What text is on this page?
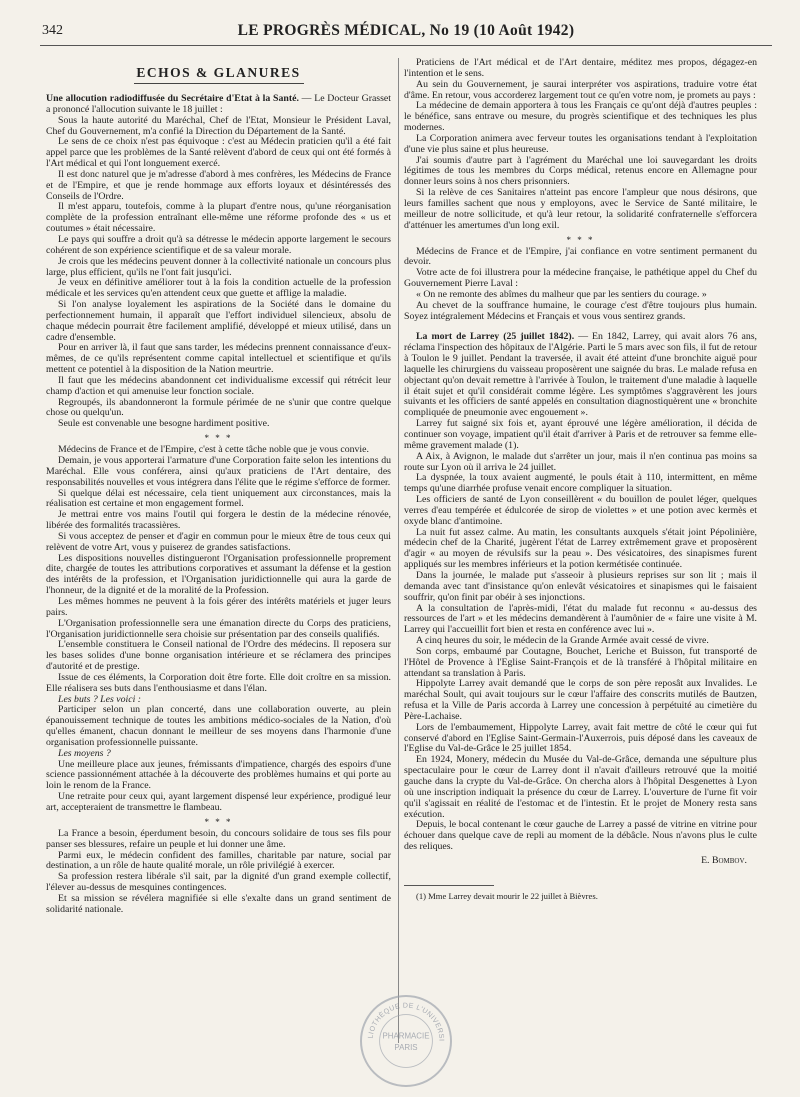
342	LE PROGRÈS MÉDICAL, No 19 (10 Août 1942)
ECHOS & GLANURES

Une allocution radiodiffusée du Secrétaire d'Etat à la Santé. — Le Docteur Grasset a prononcé l'allocution suivante le 18 juillet :

Sous la haute autorité du Maréchal, Chef de l'Etat, Monsieur le Président Laval, Chef du Gouvernement, m'a confié la Direction du Département de la Santé.

Le sens de ce choix n'est pas équivoque : c'est au Médecin praticien qu'il a été fait appel parce que les problèmes de la Santé relèvent d'abord de ceux qui ont été formés à l'Art médical et qui l'ont longuement exercé.

Il est donc naturel que je m'adresse d'abord à mes confrères, les Médecins de France et de l'Empire, et que je rende hommage aux efforts loyaux et désintéressés des Conseils de l'Ordre.

Il m'est apparu, toutefois, comme à la plupart d'entre nous, qu'une réorganisation complète de la profession entraînant elle-même une réforme profonde des « us et coutumes » était nécessaire.

Le pays qui souffre a droit qu'à sa détresse le médecin apporte largement le secours cohérent de son expérience scientifique et de sa valeur morale.

Je crois que les médecins peuvent donner à la collectivité nationale un concours plus large, plus efficient, qu'ils ne l'ont fait jusqu'ici.

Je veux en définitive améliorer tout à la fois la condition actuelle de la profession médicale et les services qu'en attendent ceux que guette et afflige la maladie.

Si l'on analyse loyalement les aspirations de la Société dans le domaine du perfectionnement humain, il apparaît que l'effort individuel silencieux, absolu de chaque médecin pourrait être facilement amplifié, développé et mieux utilisé, dans un cadre d'ensemble.

Pour en arriver là, il faut que sans tarder, les médecins prennent connaissance d'eux-mêmes, de ce qu'ils représentent comme capital intellectuel et scientifique et qu'ils mettent ce potentiel à la disposition de la Nation meurtrie.

Il faut que les médecins abandonnent cet individualisme excessif qui rétrécit leur champ d'action et qui amenuise leur fonction sociale.

Regroupés, ils abandonneront la formule périmée de ne s'unir que contre quelque chose ou quelqu'un.

Seule est convenable une besogne hardiment positive.

* * *

Médecins de France et de l'Empire, c'est à cette tâche noble que je vous convie.

Demain, je vous apporterai l'armature d'une Corporation faite selon les intentions du Maréchal. Elle vous conférera, ainsi qu'aux praticiens de l'Art dentaire, des responsabilités nouvelles et vous intégrera dans l'élite que le régime s'efforce de former.

Si quelque délai est nécessaire, cela tient uniquement aux circonstances, mais la réalisation est certaine et mon engagement formel.

Je mettrai entre vos mains l'outil qui forgera le destin de la médecine rénovée, libérée des formalités tracassières.

Si vous acceptez de penser et d'agir en commun pour le mieux être de tous ceux qui relèvent de votre Art, vous y puiserez de grandes satisfactions.

Les dispositions nouvelles distingueront l'Organisation professionnelle proprement dite, chargée de toutes les attributions corporatives et assumant la défense et la gestion des intérêts de la profession, et l'Organisation juridictionnelle qui aura la garde de l'honneur, de la dignité et de la moralité de la Profession.

Les mêmes hommes ne peuvent à la fois gérer des intérêts matériels et juger leurs pairs.

L'Organisation professionnelle sera une émanation directe du Corps des praticiens, l'Organisation juridictionnelle sera choisie sur présentation par des conseils qualifiés.

L'ensemble constituera le Conseil national de l'Ordre des médecins. Il reposera sur les bases solides d'une bonne organisation intérieure et se réclamera des principes d'autorité et de prestige.

Issue de ces éléments, la Corporation doit être forte. Elle doit croître en sa mission. Elle réalisera ses buts dans l'enthousiasme et dans l'élan.

Les buts ? Les voici :

Participer selon un plan concerté, dans une collaboration ouverte, au plein épanouissement technique de toutes les ambitions médico-sociales de la Nation, d'où qu'elles émanent, chacun donnant le meilleur de ses moyens dans l'harmonie d'une organisation professionnelle puissante.

Les moyens ?

Une meilleure place aux jeunes, frémissants d'impatience, chargés des espoirs d'une science passionnément attachée à la découverte des problèmes humains et qui porte au loin le renom de la France.

Une retraite pour ceux qui, ayant largement dispensé leur expérience, prodigué leur art, accepteraient de transmettre le flambeau.

* * *

La France a besoin, éperdument besoin, du concours solidaire de tous ses fils pour panser ses blessures, refaire un peuple et lui donner une âme.

Parmi eux, le médecin confident des familles, charitable par nature, social par destination, a un rôle de haute qualité morale, un rôle privilégié à exercer.

Sa profession restera libérale s'il sait, par la dignité d'un grand exemple collectif, l'élever au-dessus de mesquines contingences.

Et sa mission se révélera magnifiée si elle s'exalte dans un grand sentiment de solidarité nationale.

Praticiens de l'Art médical et de l'Art dentaire, méditez mes propos, dégagez-en l'intention et le sens.

Au sein du Gouvernement, je saurai interpréter vos aspirations, traduire votre état d'âme. En retour, vous accorderez largement tout ce qu'en votre nom, je promets au pays :

La médecine de demain apportera à tous les Français ce qu'ont déjà d'autres peuples : le bénéfice, sans entrave ou mesure, du progrès scientifique et des techniques les plus modernes.

La Corporation animera avec ferveur toutes les organisations tendant à l'exploitation d'une vie plus saine et plus heureuse.

J'ai soumis d'autre part à l'agrément du Maréchal une loi sauvegardant les droits légitimes de tous les membres du Corps médical, retenus encore en Allemagne pour donner leurs soins à nos chers prisonniers.

Si la relève de ces Sanitaires n'atteint pas encore l'ampleur que nous désirons, que leurs familles sachent que nous y employons, avec le Service de Santé militaire, le meilleur de notre sollicitude, et qu'à leur retour, la solidarité confraternelle s'efforcera d'atténuer les amertumes d'un long exil.

* * *

Médecins de France et de l'Empire, j'ai confiance en votre sentiment permanent du devoir.

Votre acte de foi illustrera pour la médecine française, le pathétique appel du Chef du Gouvernement Pierre Laval :

« On ne remonte des abîmes du malheur que par les sentiers du courage. »

Au chevet de la souffrance humaine, le courage c'est d'être toujours plus humain. Soyez intégralement Médecins et Français et vous vous sentirez grands.

La mort de Larrey (25 juillet 1842). — En 1842, Larrey, qui avait alors 76 ans, réclama l'inspection des hôpitaux de l'Algérie. Parti le 5 mars avec son fils, il fut de retour à Toulon le 9 juillet. Pendant la traversée, il avait été atteint d'une bronchite aiguë pour laquelle les chirurgiens du vaisseau proposèrent une saignée du bras. Le malade refusa en objectant qu'on devait remettre à l'arrivée à Toulon, le traitement d'une maladie à laquelle il était sujet et qu'il considérait comme légère. Les symptômes s'aggravèrent les jours suivants et les officiers de santé appelés en consultation diagnostiquèrent une « bronchite compliquée de pneumonie avec engouement ».

Larrey fut saigné six fois et, ayant éprouvé une légère amélioration, il décida de continuer son voyage, impatient qu'il était d'arriver à Paris et de retrouver sa femme elle-même gravement malade (1).

A Aix, à Avignon, le malade dut s'arrêter un jour, mais il n'en continua pas moins sa route sur Lyon où il arriva le 24 juillet.

La dyspnée, la toux avaient augmenté, le pouls était à 110, intermittent, en même temps qu'une diarrhée profuse venait encore compliquer la situation.

Les officiers de santé de Lyon conseillèrent « du bouillon de poulet léger, quelques verres d'eau tempérée et édulcorée de sirop de violettes » et une potion avec kermès et oxyde blanc d'antimoine.

La nuit fut assez calme. Au matin, les consultants auxquels s'était joint Pépolinière, médecin chef de la Charité, jugèrent l'état de Larrey extrêmement grave et proposèrent d'agir « au moyen de révulsifs sur la peau ». Des vésicatoires, des sinapismes furent appliqués sur les membres inférieurs et la potion kermétisée continuée.

Dans la journée, le malade put s'asseoir à plusieurs reprises sur son lit ; mais il demanda avec tant d'insistance qu'on enlevât vésicatoires et sinapismes qui le faisaient souffrir, qu'on finit par obéir à ses injonctions.

A la consultation de l'après-midi, l'état du malade fut reconnu « au-dessus des ressources de l'art » et les médecins demandèrent à l'aumônier de « faire une visite à M. Larrey qui l'accueillit fort bien et resta en conférence avec lui ».

A cinq heures du soir, le médecin de la Grande Armée avait cessé de vivre.

Son corps, embaumé par Coutagne, Bouchet, Leriche et Buisson, fut transporté de l'Hôtel de Provence à l'Eglise Saint-François et de là transféré à l'hôpital militaire en attendant sa translation à Paris.

Hippolyte Larrey avait demandé que le corps de son père reposât aux Invalides. Le maréchal Soult, qui avait toujours sur le cœur l'affaire des conscrits mutilés de Bautzen, refusa et la Ville de Paris accorda à Larrey une concession à perpétuité au cimetière du Père-Lachaise.

Lors de l'embaumement, Hippolyte Larrey, avait fait mettre de côté le cœur qui fut conservé d'abord en l'Eglise Saint-Germain-l'Auxerrois, puis déposé dans les caveaux de l'Eglise du Val-de-Grâce le 25 juillet 1854.

En 1924, Monery, médecin du Musée du Val-de-Grâce, demanda une sépulture plus spectaculaire pour le cœur de Larrey dont il n'avait d'ailleurs retrouvé que la moitié gauche dans la crypte du Val-de-Grâce. On chercha alors à l'hôpital Desgenettes à Lyon où une inscription indiquait la présence du cœur de Larrey. L'ouverture de l'urne fit voir qu'il s'agissait en réalité de l'estomac et de l'intestin. Et le projet de Monery resta sans exécution.

Depuis, le bocal contenant le cœur gauche de Larrey a passé de vitrine en vitrine pour échouer dans quelque cave de repli au moment de la débâcle. Nous n'avons plus le culte des reliques.

E. Bombov.

(1) Mme Larrey devait mourir le 22 juillet à Bièvres.

LIOTHÈQUE DE L'UNIVERSI
PHARMACIE
PARIS
